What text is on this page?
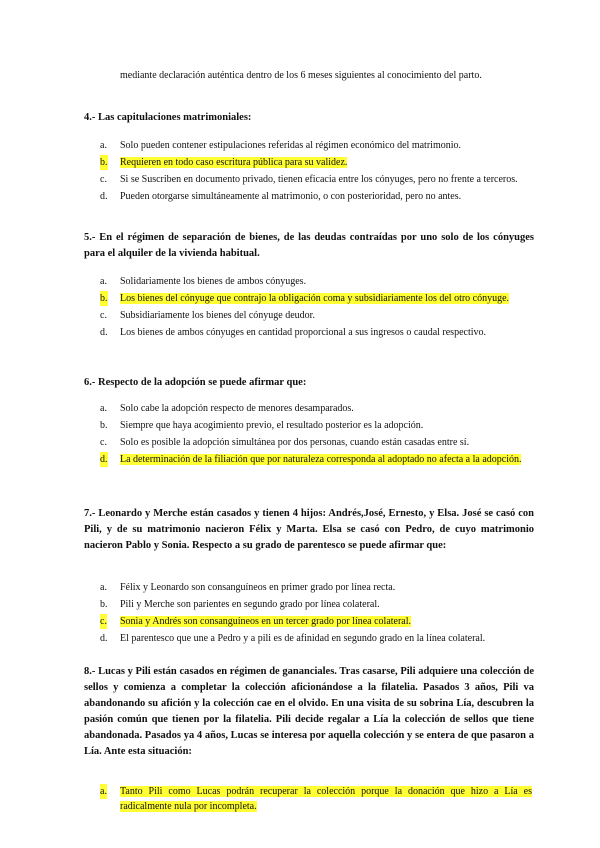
mediante declaración auténtica dentro de los 6 meses siguientes al conocimiento del parto.
4.- Las capitulaciones matrimoniales:
a. Solo pueden contener estipulaciones referidas al régimen económico del matrimonio.
b. Requieren en todo caso escritura pública para su validez.
c. Si se Suscriben en documento privado, tienen eficacia entre los cónyuges, pero no frente a terceros.
d. Pueden otorgarse simultáneamente al matrimonio, o con posterioridad, pero no antes.
5.- En el régimen de separación de bienes, de las deudas contraídas por uno solo de los cónyuges para el alquiler de la vivienda habitual.
a. Solidariamente los bienes de ambos cónyuges.
b. Los bienes del cónyuge que contrajo la obligación coma y subsidiariamente los del otro cónyuge.
c. Subsidiariamente los bienes del cónyuge deudor.
d. Los bienes de ambos cónyuges en cantidad proporcional a sus ingresos o caudal respectivo.
6.- Respecto de la adopción se puede afirmar que:
a. Solo cabe la adopción respecto de menores desamparados.
b. Siempre que haya acogimiento previo, el resultado posterior es la adopción.
c. Solo es posible la adopción simultánea por dos personas, cuando están casadas entre sí.
d. La determinación de la filiación que por naturaleza corresponda al adoptado no afecta a la adopción.
7.- Leonardo y Merche están casados y tienen 4 hijos: Andrés,José, Ernesto, y Elsa. José se casó con Pili, y de su matrimonio nacieron Félix y Marta. Elsa se casó con Pedro, de cuyo matrimonio nacieron Pablo y Sonia. Respecto a su grado de parentesco se puede afirmar que:
a. Félix y Leonardo son consanguíneos en primer grado por línea recta.
b. Pili y Merche son parientes en segundo grado por línea colateral.
c. Sonia y Andrés son consanguíneos en un tercer grado por línea colateral.
d. El parentesco que une a Pedro y a pili es de afinidad en segundo grado en la línea colateral.
8.- Lucas y Pili están casados en régimen de gananciales. Tras casarse, Pili adquiere una colección de sellos y comienza a completar la colección aficionándose a la filatelia. Pasados 3 años, Pili va abandonando su afición y la colección cae en el olvido. En una visita de su sobrina Lía, descubren la pasión común que tienen por la filatelia. Pili decide regalar a Lía la colección de sellos que tiene abandonada. Pasados ya 4 años, Lucas se interesa por aquella colección y se entera de que pasaron a Lía. Ante esta situación:
a. Tanto Pili como Lucas podrán recuperar la colección porque la donación que hizo a Lía es radicalmente nula por incompleta.
